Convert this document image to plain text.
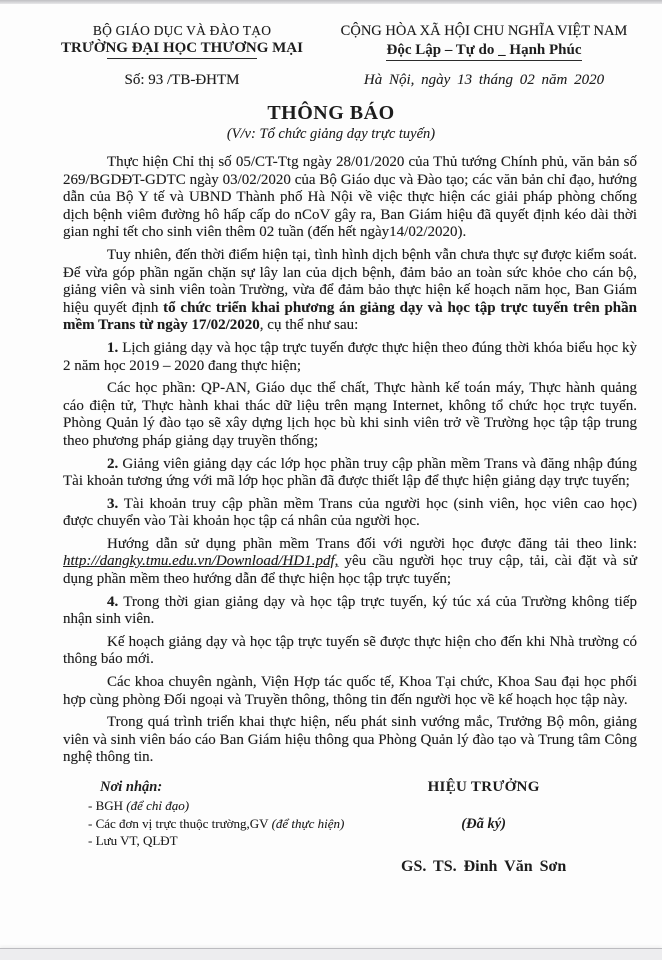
BỘ GIÁO DỤC VÀ ĐÀO TẠO
TRƯỜNG ĐẠI HỌC THƯƠNG MẠI
CỘNG HÒA XÃ HỘI CHU NGHĨA VIỆT NAM
Độc Lập – Tự do _ Hạnh Phúc
Số: 93 /TB-ĐHTM	Hà Nội, ngày 13 tháng 02 năm 2020
THÔNG BÁO
(V/v: Tổ chức giảng dạy trực tuyến)

Thực hiện Chỉ thị số 05/CT-Ttg ngày 28/01/2020 của Thủ tướng Chính phủ, văn bản số 269/BGDĐT-GDTC ngày 03/02/2020 của Bộ Giáo dục và Đào tạo; các văn bản chỉ đạo, hướng dẫn của Bộ Y tế và UBND Thành phố Hà Nội về việc thực hiện các giải pháp phòng chống dịch bệnh viêm đường hô hấp cấp do nCoV gây ra, Ban Giám hiệu đã quyết định kéo dài thời gian nghỉ tết cho sinh viên thêm 02 tuần (đến hết ngày14/02/2020).

Tuy nhiên, đến thời điểm hiện tại, tình hình dịch bệnh vẫn chưa thực sự được kiểm soát. Để vừa góp phần ngăn chặn sự lây lan của dịch bệnh, đảm bảo an toàn sức khỏe cho cán bộ, giảng viên và sinh viên toàn Trường, vừa để đảm bảo thực hiện kế hoạch năm học, Ban Giám hiệu quyết định tổ chức triển khai phương án giảng dạy và học tập trực tuyến trên phần mềm Trans từ ngày 17/02/2020, cụ thể như sau:

1. Lịch giảng dạy và học tập trực tuyến được thực hiện theo đúng thời khóa biểu học kỳ 2 năm học 2019 – 2020 đang thực hiện;

Các học phần: QP-AN, Giáo dục thể chất, Thực hành kế toán máy, Thực hành quảng cáo điện tử, Thực hành khai thác dữ liệu trên mạng Internet, không tổ chức học trực tuyến. Phòng Quản lý đào tạo sẽ xây dựng lịch học bù khi sinh viên trở về Trường học tập tập trung theo phương pháp giảng dạy truyền thống;

2. Giảng viên giảng dạy các lớp học phần truy cập phần mềm Trans và đăng nhập đúng Tài khoản tương ứng với mã lớp học phần đã được thiết lập để thực hiện giảng dạy trực tuyến;

3. Tài khoản truy cập phần mềm Trans của người học (sinh viên, học viên cao học) được chuyển vào Tài khoản học tập cá nhân của người học.

Hướng dẫn sử dụng phần mềm Trans đối với người học được đăng tải theo link: http://dangky.tmu.edu.vn/Download/HD1.pdf, yêu cầu người học truy cập, tải, cài đặt và sử dụng phần mềm theo hướng dẫn để thực hiện học tập trực tuyến;

4. Trong thời gian giảng dạy và học tập trực tuyến, ký túc xá của Trường không tiếp nhận sinh viên.

Kế hoạch giảng dạy và học tập trực tuyến sẽ được thực hiện cho đến khi Nhà trường có thông báo mới.

Các khoa chuyên ngành, Viện Hợp tác quốc tế, Khoa Tại chức, Khoa Sau đại học phối hợp cùng phòng Đối ngoại và Truyền thông, thông tin đến người học về kế hoạch học tập này.

Trong quá trình triển khai thực hiện, nếu phát sinh vướng mắc, Trưởng Bộ môn, giảng viên và sinh viên báo cáo Ban Giám hiệu thông qua Phòng Quản lý đào tạo và Trung tâm Công nghệ thông tin.

Nơi nhận:
- BGH (để chỉ đạo)
- Các đơn vị trực thuộc trường,GV (để thực hiện)
- Lưu VT, QLĐT
HIỆU TRƯỞNG
(Đã ký)
GS. TS. Đinh Văn Sơn
